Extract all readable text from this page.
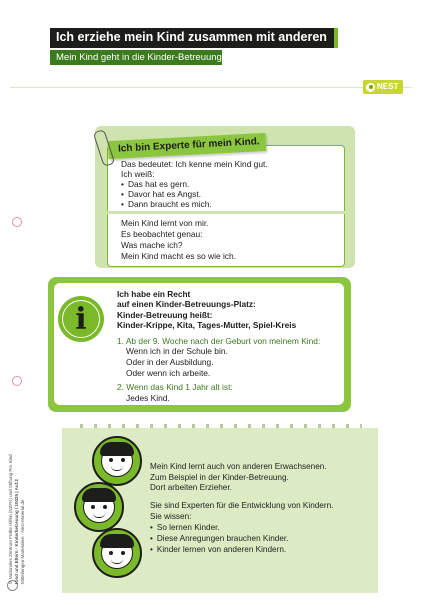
Ich erziehe mein Kind zusammen mit anderen
Mein Kind geht in die Kinder-Betreuung.
NEST
© Nationales Zentrum Frühe Hilfen (NZFH) und Stiftung Pro Kind Kind und Eltern · Kinderbetreuung / 10025 | Auf.2 Mitteilungen Materialien · Nest-Material.de
Ich bin Experte für mein Kind.
Das bedeutet: Ich kenne mein Kind gut.
Ich weiß:
• Das hat es gern.
• Davor hat es Angst.
• Dann braucht es mich.
Mein Kind lernt von mir.
Es beobachtet genau:
Was mache ich?
Mein Kind macht es so wie ich.
i
Ich habe ein Recht
auf einen Kinder-Betreuungs-Platz:
Kinder-Betreuung heißt:
Kinder-Krippe, Kita, Tages-Mutter, Spiel-Kreis
1. Ab der 9. Woche nach der Geburt von meinem Kind:
Wenn ich in der Schule bin.
Oder in der Ausbildung.
Oder wenn ich arbeite.
2. Wenn das Kind 1 Jahr alt ist:
Jedes Kind.
Mein Kind lernt auch von anderen Erwachsenen.
Zum Beispiel in der Kinder-Betreuung.
Dort arbeiten Erzieher.
Sie sind Experten für die Entwicklung von Kindern.
Sie wissen:
• So lernen Kinder.
• Diese Anregungen brauchen Kinder.
• Kinder lernen von anderen Kindern.
